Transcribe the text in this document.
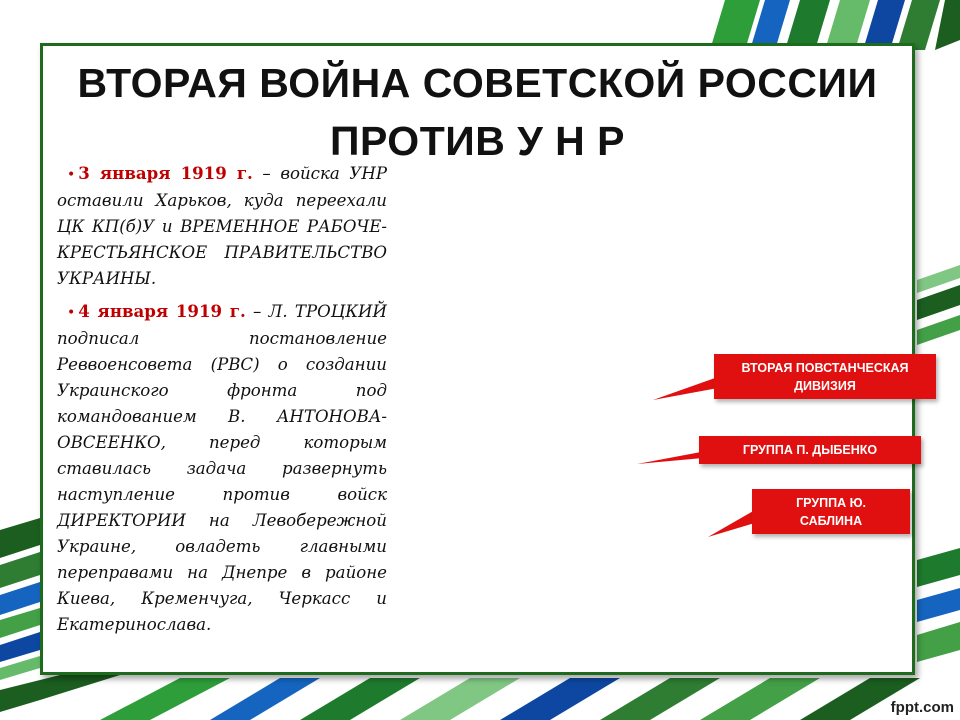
ВТОРАЯ ВОЙНА СОВЕТСКОЙ РОССИИ
ПРОТИВ У Н Р

• 3 января 1919 г. – войска УНР оставили Харьков, куда переехали ЦК КП(б)У и ВРЕМЕННОЕ РАБОЧЕ-КРЕСТЬЯНСКОЕ ПРАВИТЕЛЬСТВО УКРАИНЫ.

• 4 января 1919 г. – Л. ТРОЦКИЙ подписал постановление Реввоенсовета (РВС) о создании Украинского фронта под командованием В. АНТОНОВА-ОВСЕЕНКО, перед которым ставилась задача развернуть наступление против войск ДИРЕКТОРИИ на Левобережной Украине, овладеть главными переправами на Днепре в районе Киева, Кременчуга, Черкасс и Екатеринослава.

ВТОРАЯ ПОВСТАНЧЕСКАЯ ДИВИЗИЯ
ГРУППА П. ДЫБЕНКО
ГРУППА Ю. САБЛИНА
fppt.com
